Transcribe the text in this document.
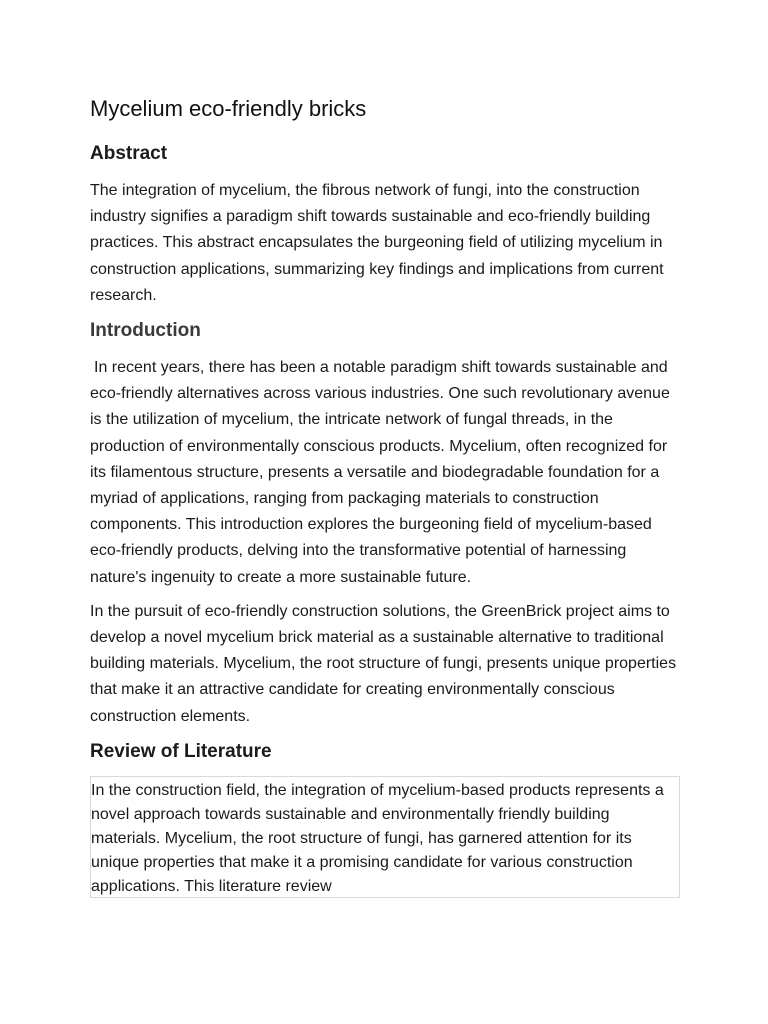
Mycelium eco-friendly bricks
Abstract

The integration of mycelium, the fibrous network of fungi, into the construction industry signifies a paradigm shift towards sustainable and eco-friendly building practices. This abstract encapsulates the burgeoning field of utilizing mycelium in construction applications, summarizing key findings and implications from current research.

Introduction

In recent years, there has been a notable paradigm shift towards sustainable and eco-friendly alternatives across various industries. One such revolutionary avenue is the utilization of mycelium, the intricate network of fungal threads, in the production of environmentally conscious products. Mycelium, often recognized for its filamentous structure, presents a versatile and biodegradable foundation for a myriad of applications, ranging from packaging materials to construction components. This introduction explores the burgeoning field of mycelium-based eco-friendly products, delving into the transformative potential of harnessing nature's ingenuity to create a more sustainable future.

In the pursuit of eco-friendly construction solutions, the GreenBrick project aims to develop a novel mycelium brick material as a sustainable alternative to traditional building materials. Mycelium, the root structure of fungi, presents unique properties that make it an attractive candidate for creating environmentally conscious construction elements.

Review of Literature
In the construction field, the integration of mycelium-based products represents a novel approach towards sustainable and environmentally friendly building materials. Mycelium, the root structure of fungi, has garnered attention for its unique properties that make it a promising candidate for various construction applications. This literature review
